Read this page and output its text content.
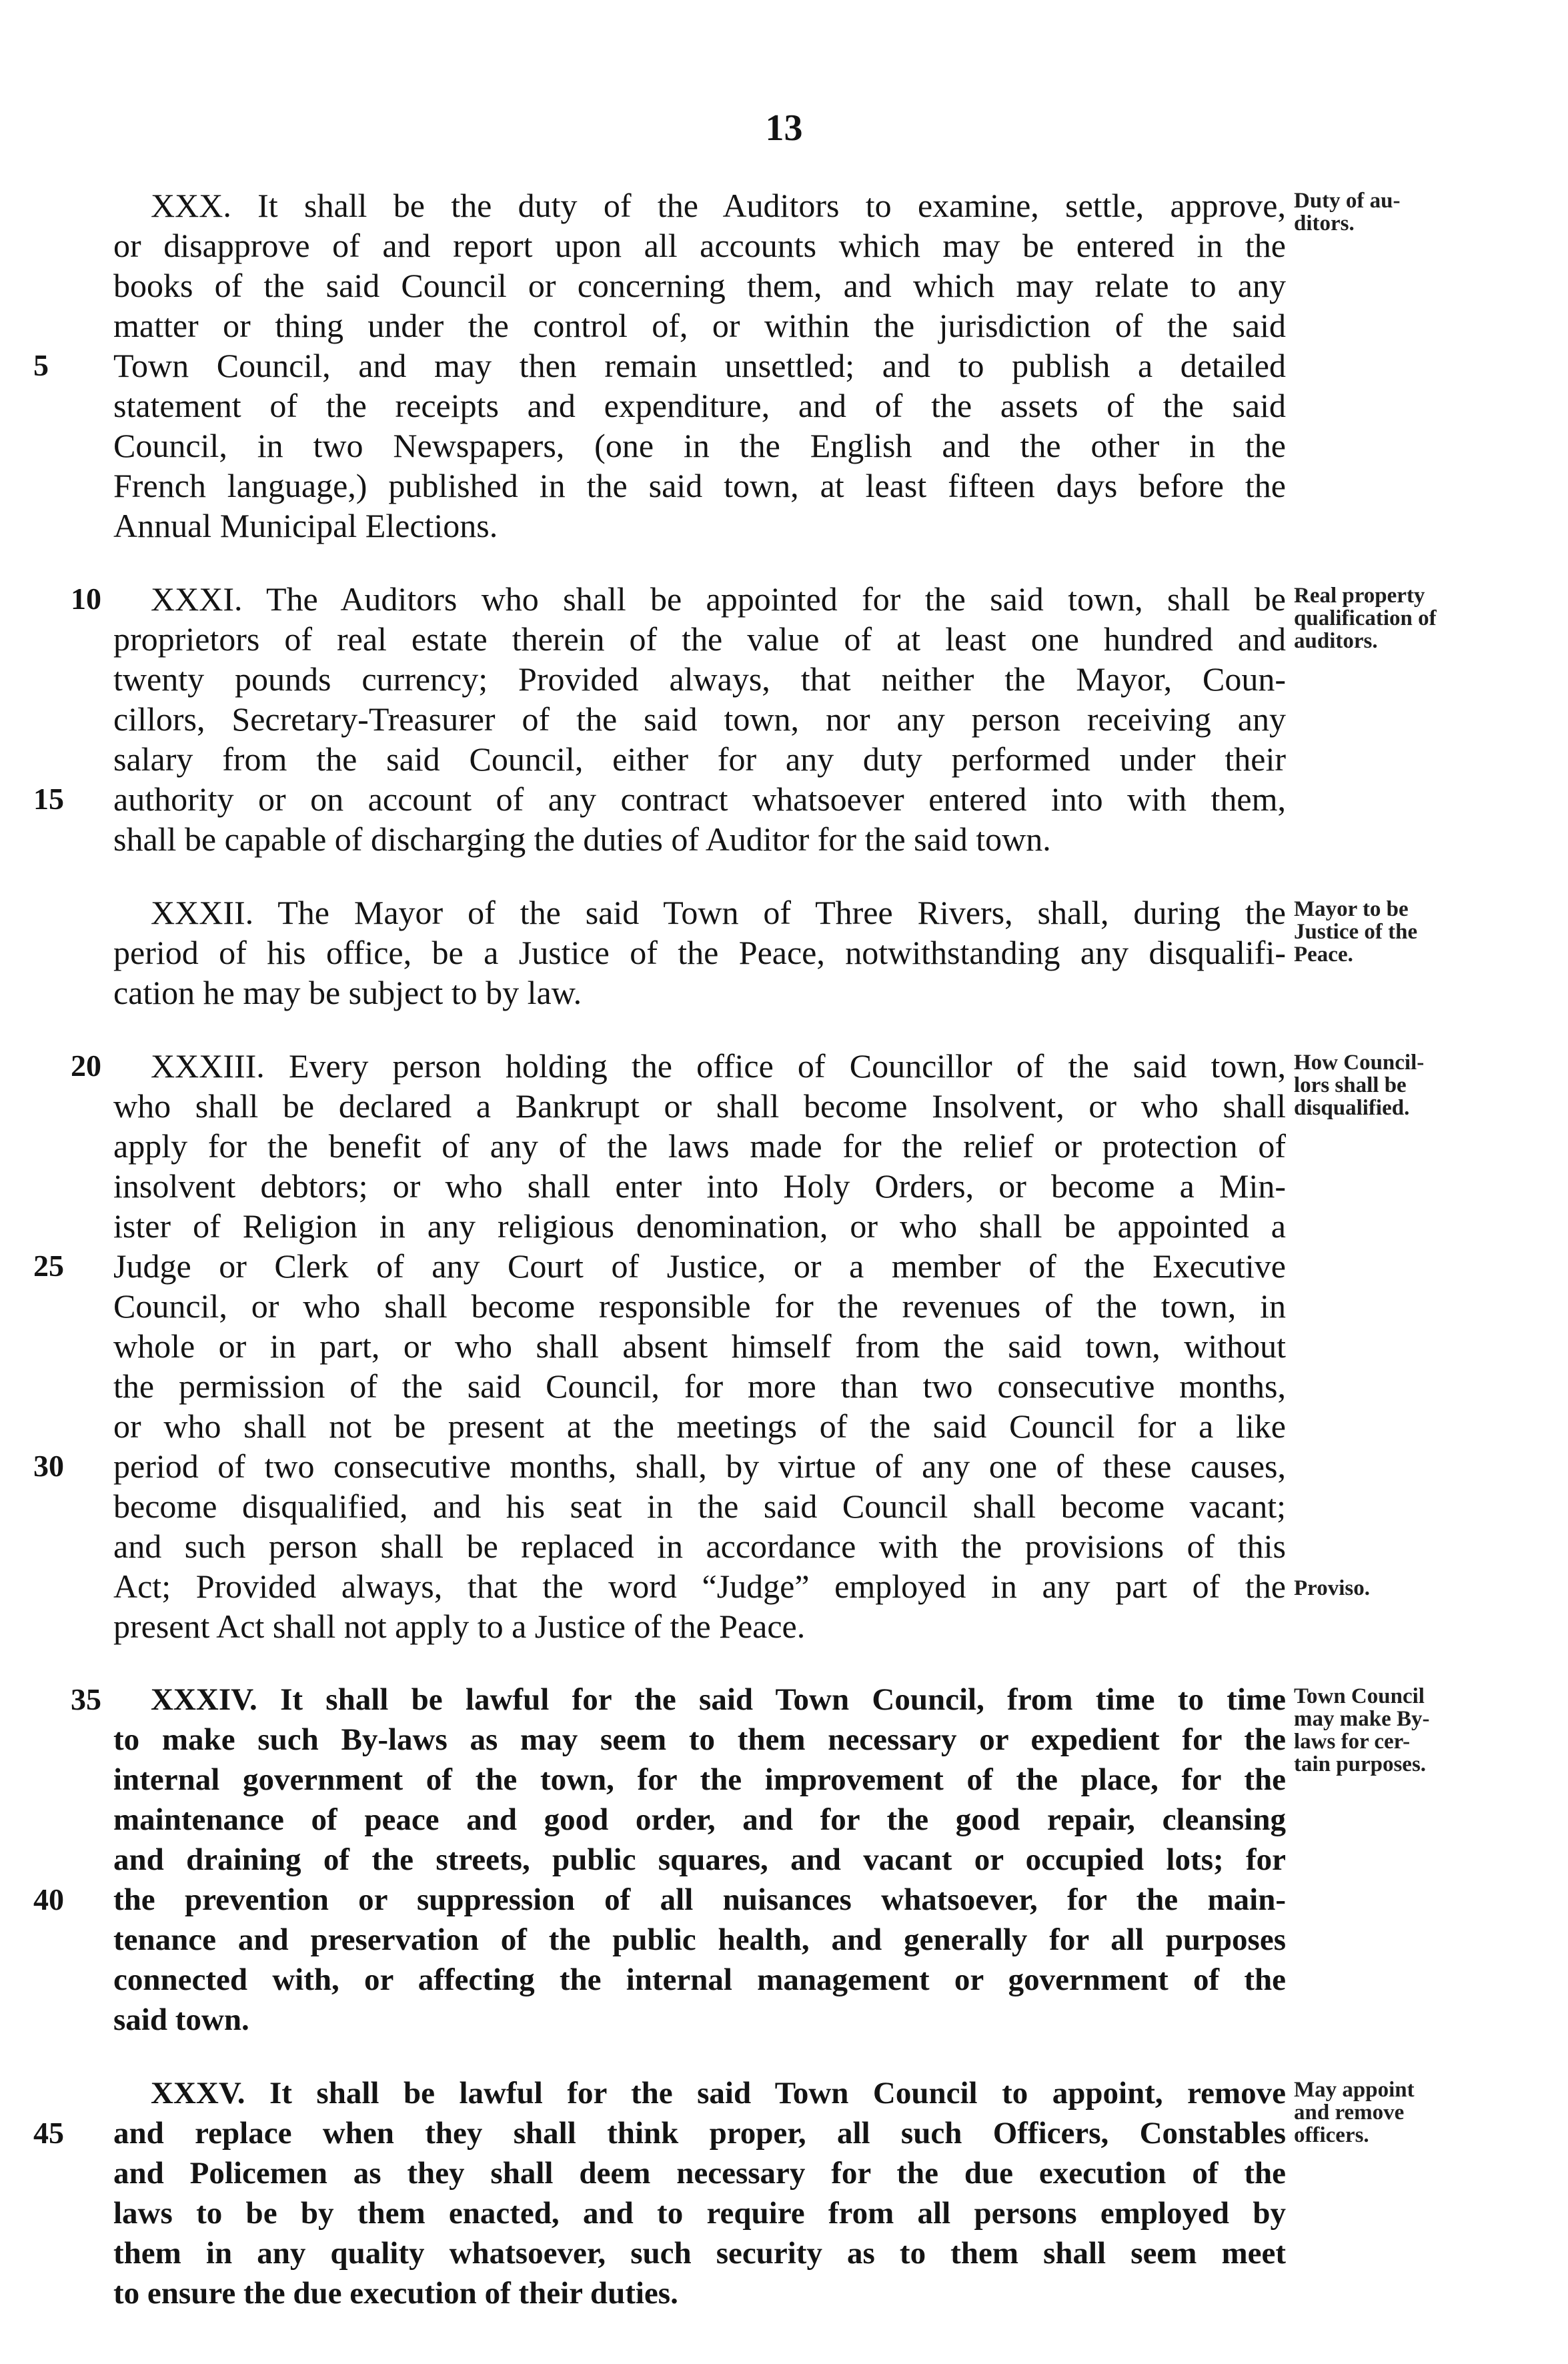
13
Duty of au-
ditors.
XXX. It shall be the duty of the Auditors to examine, settle, approve,
or disapprove of and report upon all accounts which may be entered in the
books of the said Council or concerning them, and which may relate to any
matter or thing under the control of, or within the jurisdiction of the said
5	Town Council, and may then remain unsettled; and to publish a detailed
statement of the receipts and expenditure, and of the assets of the said
Council, in two Newspapers, (one in the English and the other in the
French language,) published in the said town, at least fifteen days before the
Annual Municipal Elections.
Real property
qualification of
auditors.
10	XXXI. The Auditors who shall be appointed for the said town, shall be
proprietors of real estate therein of the value of at least one hundred and
twenty pounds currency; Provided always, that neither the Mayor, Coun-
cillors, Secretary-Treasurer of the said town, nor any person receiving any
salary from the said Council, either for any duty performed under their
15	authority or on account of any contract whatsoever entered into with them,
shall be capable of discharging the duties of Auditor for the said town.
Mayor to be
Justice of the
Peace.
XXXII. The Mayor of the said Town of Three Rivers, shall, during the
period of his office, be a Justice of the Peace, notwithstanding any disqualifi-
cation he may be subject to by law.
How Council-
lors shall be
disqualified.
Proviso.
20	XXXIII. Every person holding the office of Councillor of the said town,
who shall be declared a Bankrupt or shall become Insolvent, or who shall
apply for the benefit of any of the laws made for the relief or protection of
insolvent debtors; or who shall enter into Holy Orders, or become a Min-
ister of Religion in any religious denomination, or who shall be appointed a
25	Judge or Clerk of any Court of Justice, or a member of the Executive
Council, or who shall become responsible for the revenues of the town, in
whole or in part, or who shall absent himself from the said town, without
the permission of the said Council, for more than two consecutive months,
or who shall not be present at the meetings of the said Council for a like
30	period of two consecutive months, shall, by virtue of any one of these causes,
become disqualified, and his seat in the said Council shall become vacant;
and such person shall be replaced in accordance with the provisions of this
Act; Provided always, that the word “Judge” employed in any part of the
present Act shall not apply to a Justice of the Peace.
Town Council
may make By-
laws for cer-
tain purposes.
35	XXXIV. It shall be lawful for the said Town Council, from time to time
to make such By-laws as may seem to them necessary or expedient for the
internal government of the town, for the improvement of the place, for the
maintenance of peace and good order, and for the good repair, cleansing
and draining of the streets, public squares, and vacant or occupied lots; for
40	the prevention or suppression of all nuisances whatsoever, for the main-
tenance and preservation of the public health, and generally for all purposes
connected with, or affecting the internal management or government of the
said town.
May appoint
and remove
officers.
XXXV. It shall be lawful for the said Town Council to appoint, remove
45	and replace when they shall think proper, all such Officers, Constables
and Policemen as they shall deem necessary for the due execution of the
laws to be by them enacted, and to require from all persons employed by
them in any quality whatsoever, such security as to them shall seem meet
to ensure the due execution of their duties.
